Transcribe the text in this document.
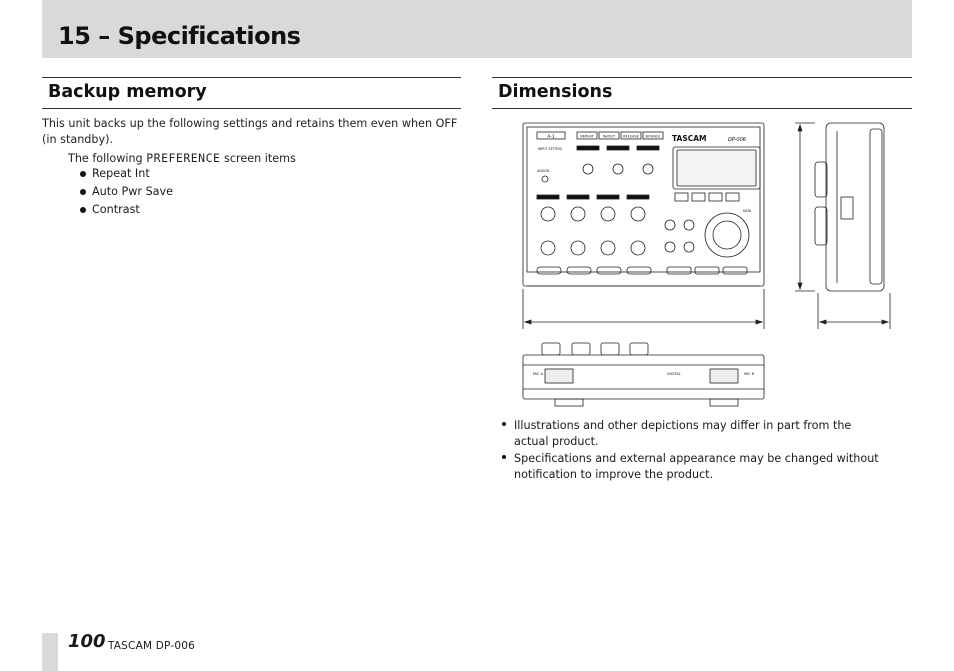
15 – Specifications
Backup memory	Dimensions
This unit backs up the following settings and retains them even when OFF (in standby).
The following PREFERENCE screen items
Repeat Int
Auto Pwr Save
Contrast
A-1	REPEAT	IN/OUT RELEASE BOUNCE TASCAM	DP-006
INPUT SETTING
ASSIGN
DATA
MIC A	DIGITAL	MIC B
Illustrations and other depictions may differ in part from the actual product.
Specifications and external appearance may be changed without notification to improve the product.
100 TASCAM DP-006
